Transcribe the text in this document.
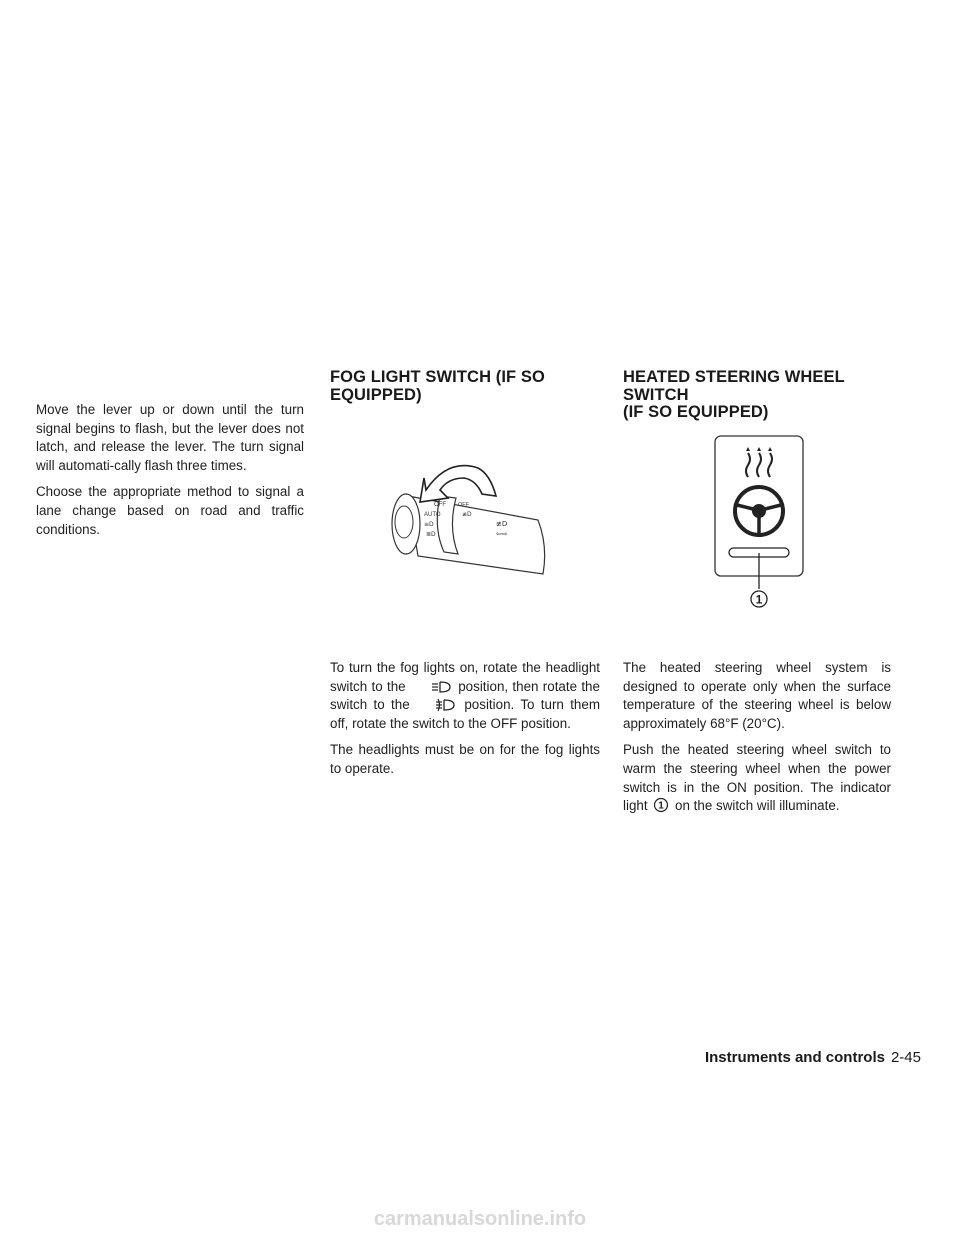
Move the lever up or down until the turn signal begins to flash, but the lever does not latch, and release the lever. The turn signal will automati-cally flash three times.

Choose the appropriate method to signal a lane change based on road and traffic conditions.

FOG LIGHT SWITCH (IF SO
EQUIPPED)
OFF
AUTO
OFF
≡D
≣D
≢D
≢D
⇦⇨

To turn the fog lights on, rotate the headlight switch to the	position, then rotate the switch to the	position. To turn them off, rotate the switch to the OFF position.

The headlights must be on for the fog lights to operate.

HEATED STEERING WHEEL SWITCH
(IF SO EQUIPPED)
1

The heated steering wheel system is designed to operate only when the surface temperature of the steering wheel is below approximately 68°F (20°C).

Push the heated steering wheel switch to warm the steering wheel when the power switch is in the ON position. The indicator light 1 on the switch will illuminate.

Instruments and controls 2-45
carmanualsonline.info
